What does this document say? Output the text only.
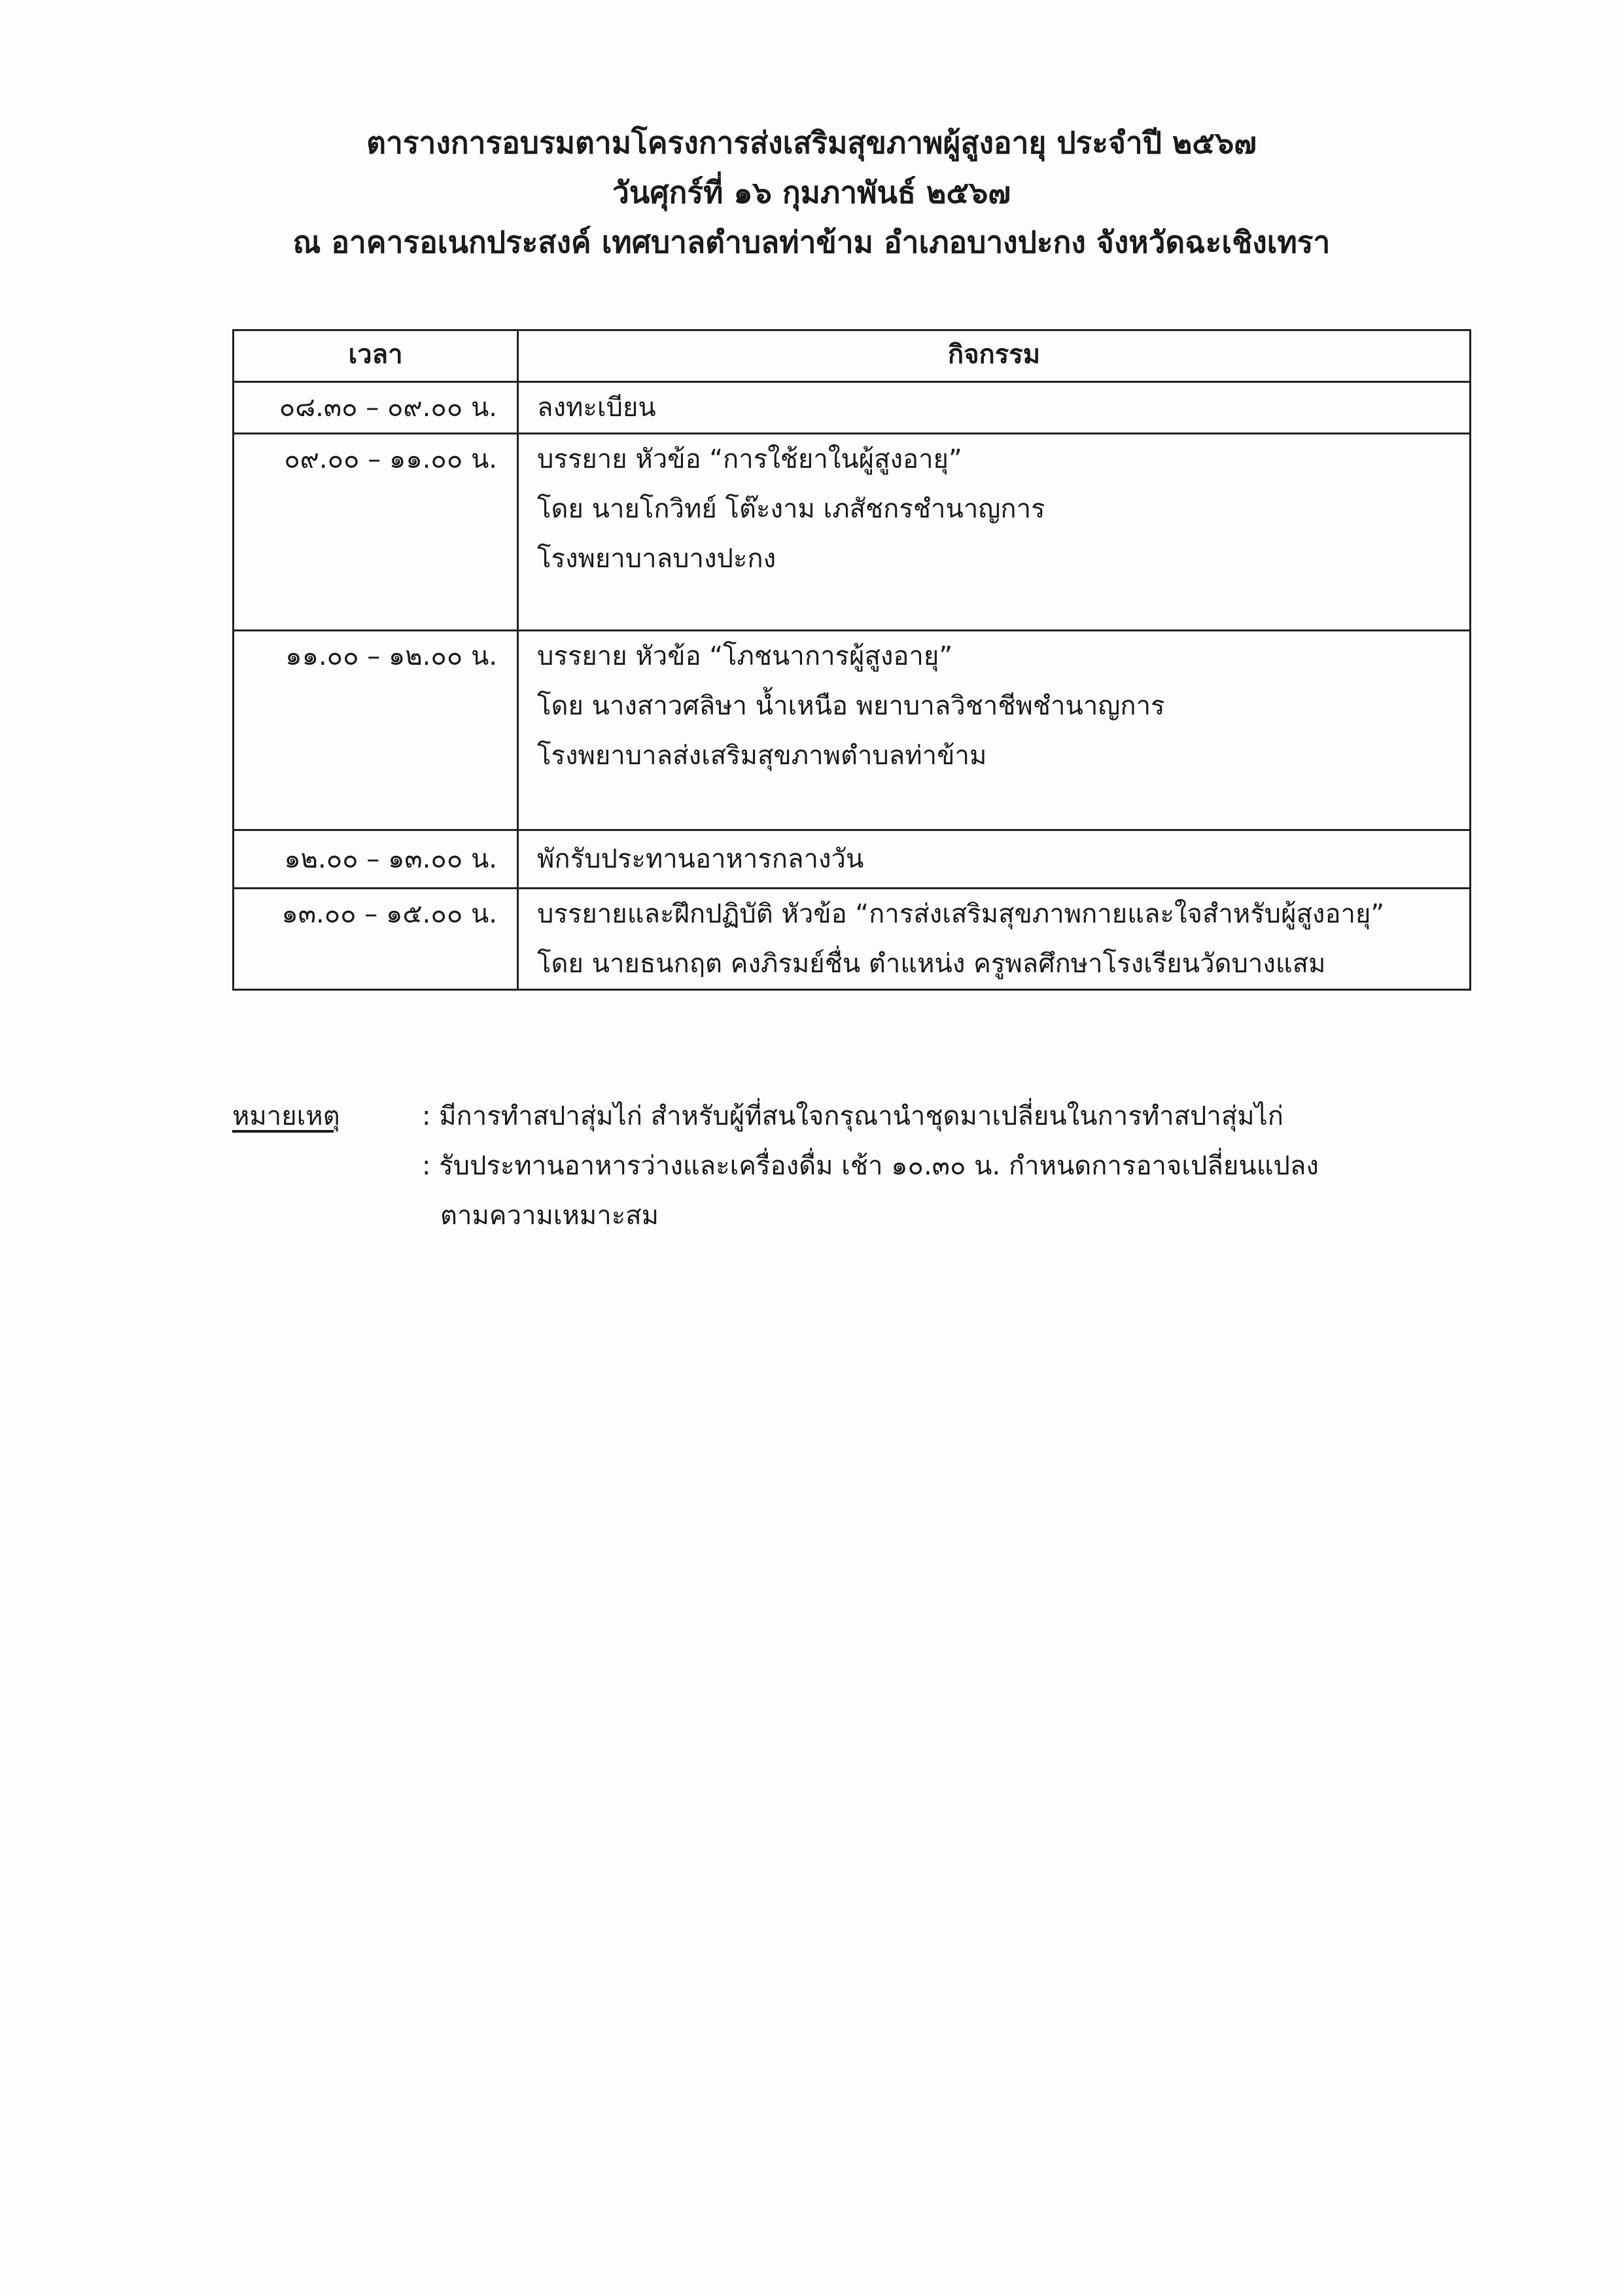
ตารางการอบรมตามโครงการส่งเสริมสุขภาพผู้สูงอายุ ประจำปี ๒๕๖๗
วันศุกร์ที่ ๑๖ กุมภาพันธ์ ๒๕๖๗
ณ อาคารอเนกประสงค์ เทศบาลตำบลท่าข้าม อำเภอบางปะกง จังหวัดฉะเชิงเทรา
เวลา	กิจกรรม
๐๘.๓๐ – ๐๙.๐๐ น.	ลงทะเบียน

๐๙.๐๐ – ๑๑.๐๐ น.	บรรยาย หัวข้อ “การใช้ยาในผู้สูงอายุ”
โดย นายโกวิทย์ โต๊ะงาม เภสัชกรชำนาญการ
โรงพยาบาลบางปะกง

๑๑.๐๐ – ๑๒.๐๐ น.	บรรยาย หัวข้อ “โภชนาการผู้สูงอายุ”
โดย นางสาวศลิษา น้ำเหนือ พยาบาลวิชาชีพชำนาญการ
โรงพยาบาลส่งเสริมสุขภาพตำบลท่าข้าม

๑๒.๐๐ – ๑๓.๐๐ น.	พักรับประทานอาหารกลางวัน

๑๓.๐๐ – ๑๕.๐๐ น.	บรรยายและฝึกปฏิบัติ หัวข้อ “การส่งเสริมสุขภาพกายและใจสำหรับผู้สูงอายุ”
โดย นายธนกฤต คงภิรมย์ชื่น ตำแหน่ง ครูพลศึกษาโรงเรียนวัดบางแสม
หมายเหตุ	: มีการทำสปาสุ่มไก่ สำหรับผู้ที่สนใจกรุณานำชุดมาเปลี่ยนในการทำสปาสุ่มไก่
: รับประทานอาหารว่างและเครื่องดื่ม เช้า ๑๐.๓๐ น. กำหนดการอาจเปลี่ยนแปลง
ตามความเหมาะสม
